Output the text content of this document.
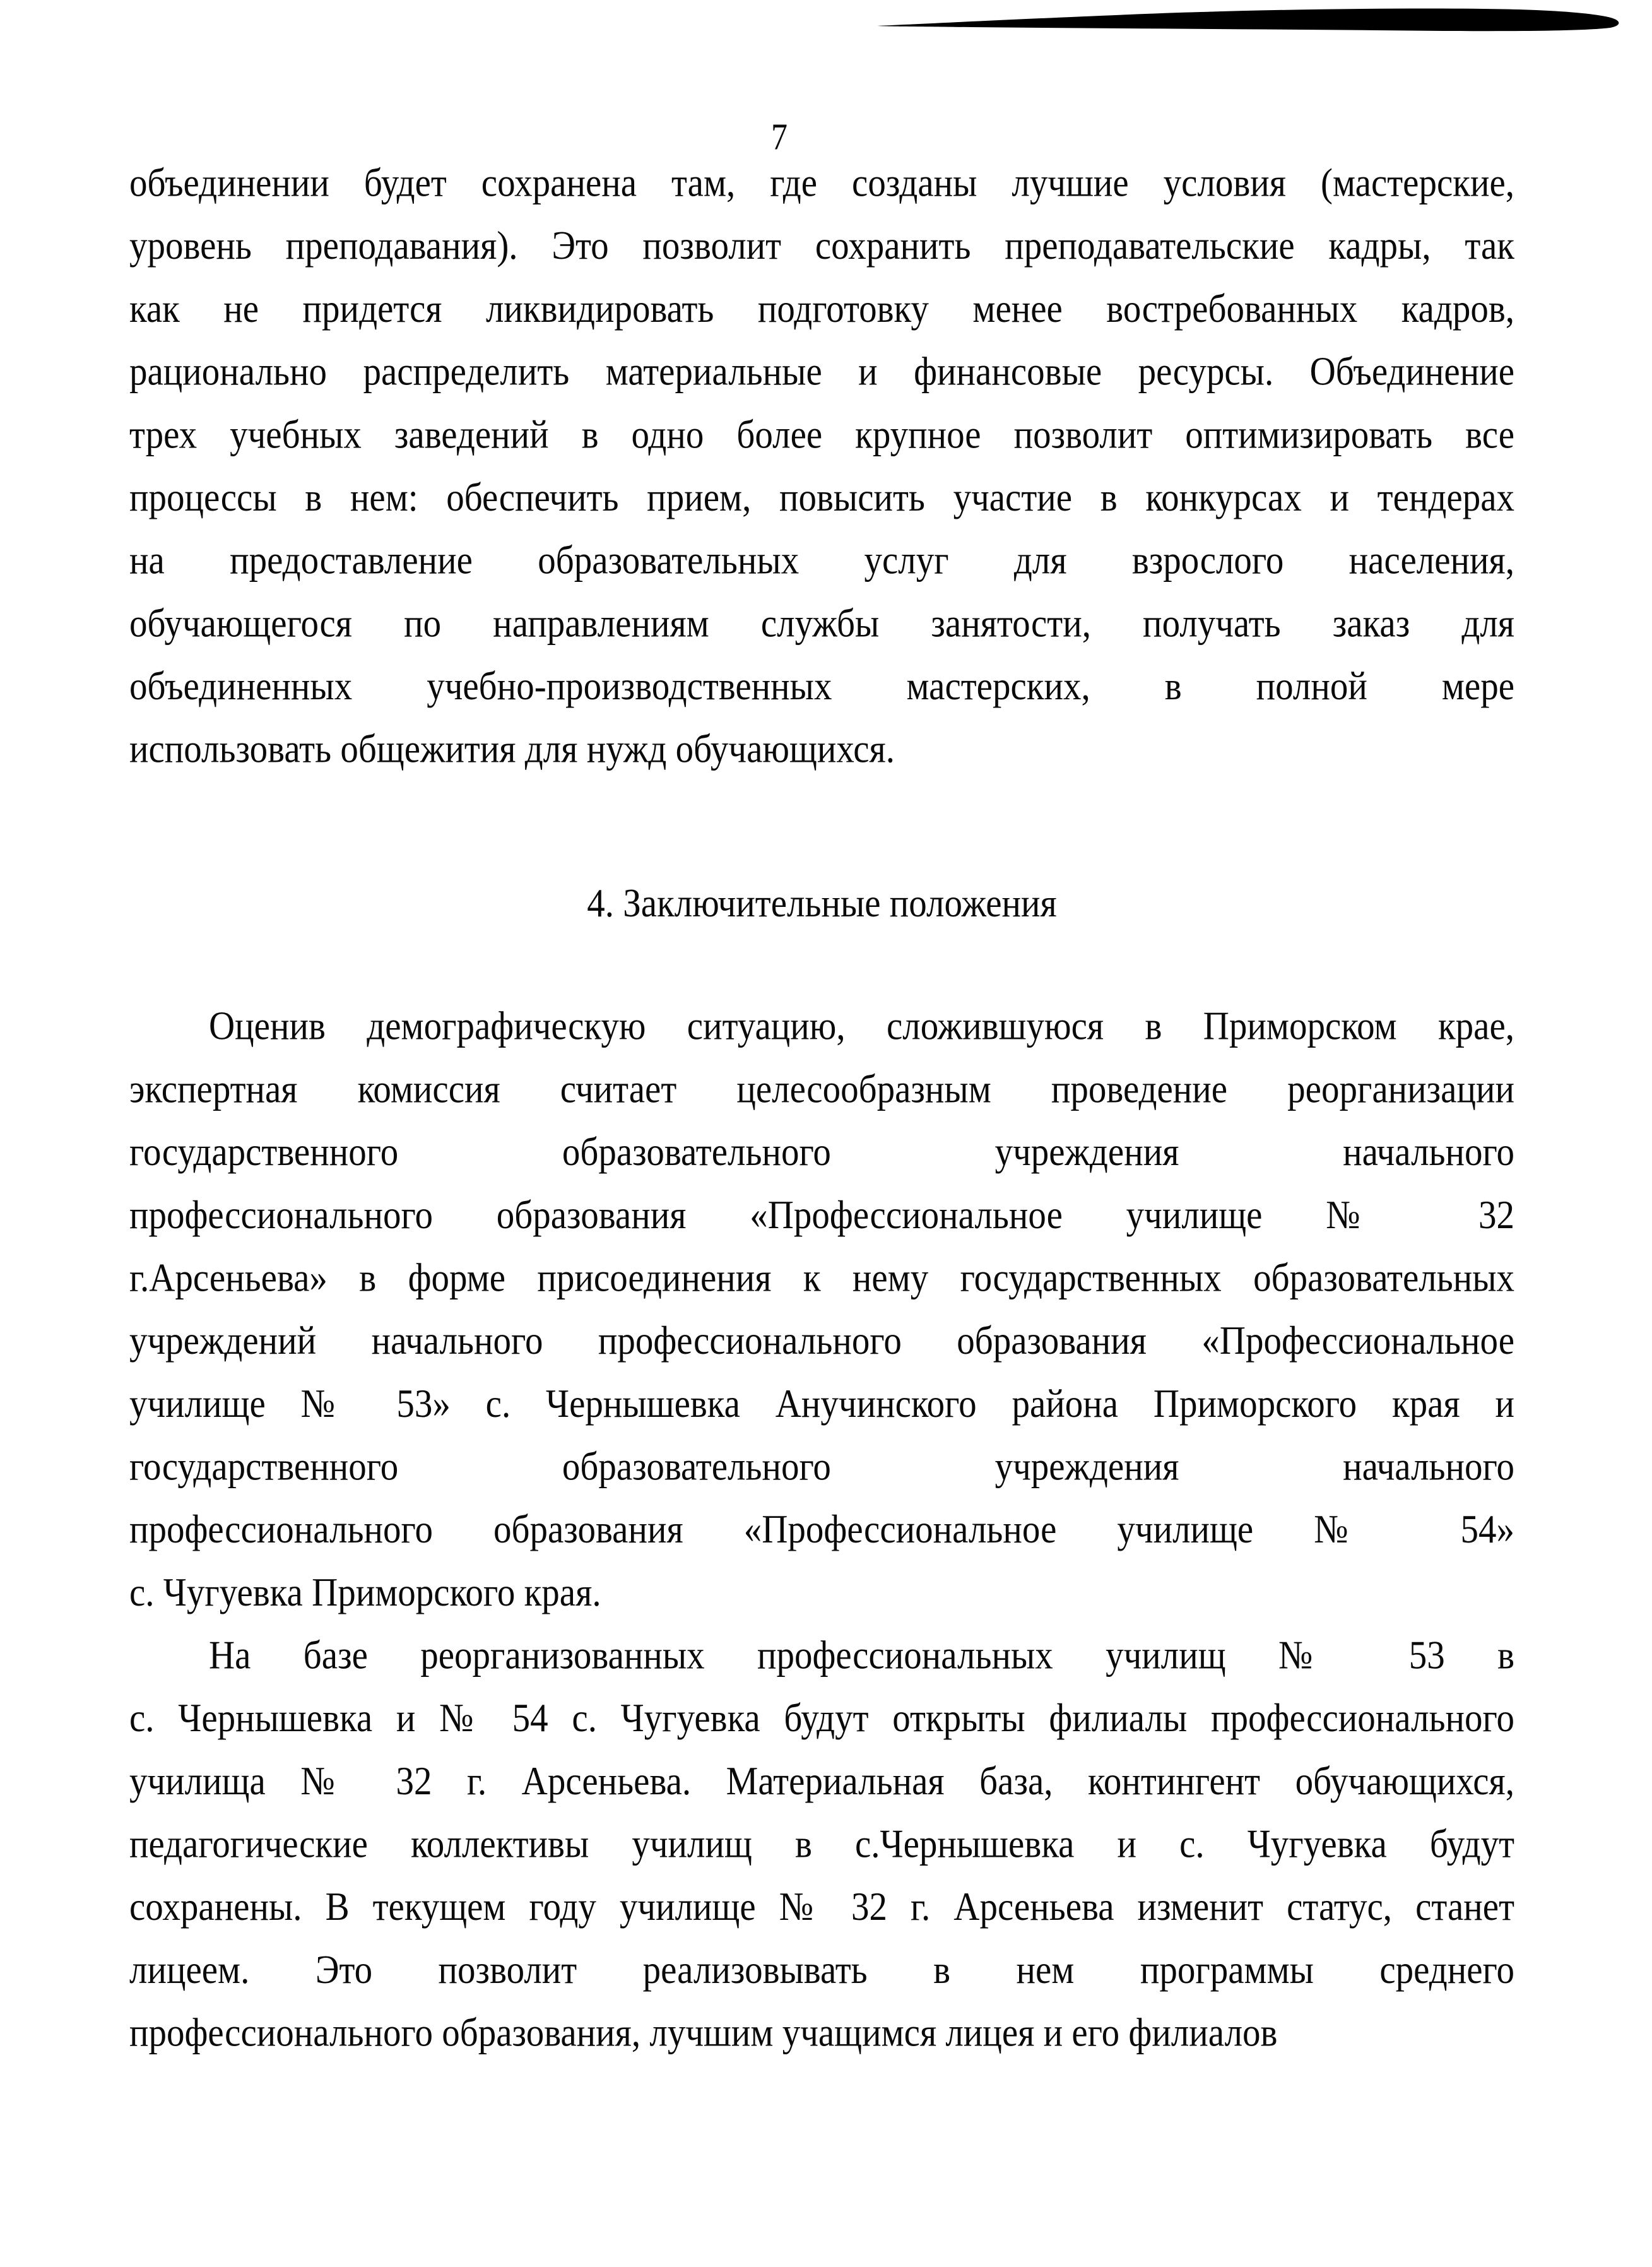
7
объединении будет сохранена там, где созданы лучшие условия (мастерские,
уровень преподавания). Это позволит сохранить преподавательские кадры, так
как не придется ликвидировать подготовку менее востребованных кадров,
рационально распределить материальные и финансовые ресурсы. Объединение
трех учебных заведений в одно более крупное позволит оптимизировать все
процессы в нем: обеспечить прием, повысить участие в конкурсах и тендерах
на предоставление образовательных услуг для взрослого населения,
обучающегося по направлениям службы занятости, получать заказ для
объединенных учебно-производственных мастерских, в полной мере
использовать общежития для нужд обучающихся.
4. Заключительные положения
Оценив демографическую ситуацию, сложившуюся в Приморском крае,
экспертная комиссия считает целесообразным проведение реорганизации
государственного образовательного учреждения начального
профессионального образования «Профессиональное училище № 32
г.Арсеньева» в форме присоединения к нему государственных образовательных
учреждений начального профессионального образования «Профессиональное
училище № 53» с. Чернышевка Анучинского района Приморского края и
государственного образовательного учреждения начального
профессионального образования «Профессиональное училище № 54»
с. Чугуевка Приморского края.
На базе реорганизованных профессиональных училищ № 53 в
с. Чернышевка и № 54 с. Чугуевка будут открыты филиалы профессионального
училища № 32 г. Арсеньева. Материальная база, контингент обучающихся,
педагогические коллективы училищ в с.Чернышевка и с. Чугуевка будут
сохранены. В текущем году училище № 32 г. Арсеньева изменит статус, станет
лицеем. Это позволит реализовывать в нем программы среднего
профессионального образования, лучшим учащимся лицея и его филиалов
